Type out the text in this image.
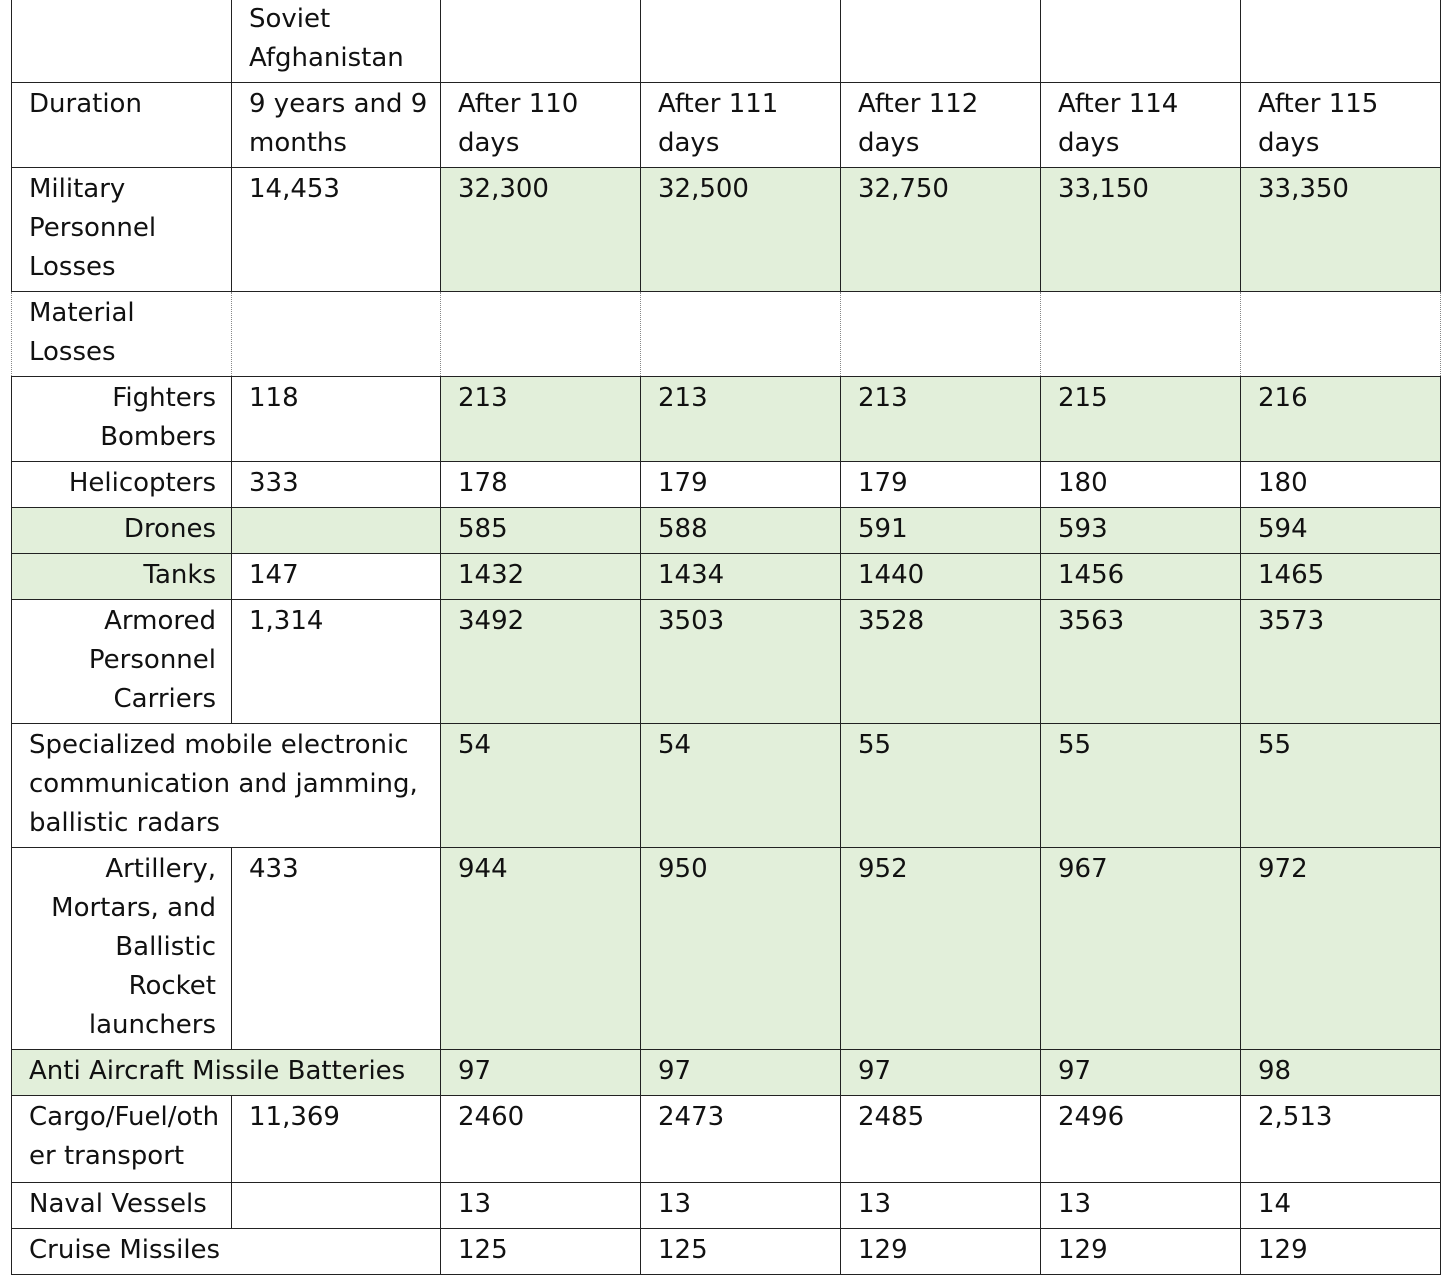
	Soviet Afghanistan					
Duration	9 years and 9 months	After 110 days	After 111 days	After 112 days	After 114 days	After 115 days
Military Personnel Losses	14,453	32,300	32,500	32,750	33,150	33,350
Material Losses						
Fighters Bombers	118	213	213	213	215	216
Helicopters	333	178	179	179	180	180
Drones		585	588	591	593	594
Tanks	147	1432	1434	1440	1456	1465
Armored Personnel Carriers	1,314	3492	3503	3528	3563	3573
Specialized mobile electronic communication and jamming, ballistic radars		54	54	55	55	55
Artillery, Mortars, and Ballistic Rocket launchers	433	944	950	952	967	972
Anti Aircraft Missile Batteries		97	97	97	97	98
Cargo/Fuel/other transport	11,369	2460	2473	2485	2496	2,513
Naval Vessels		13	13	13	13	14
Cruise Missiles		125	125	129	129	129
